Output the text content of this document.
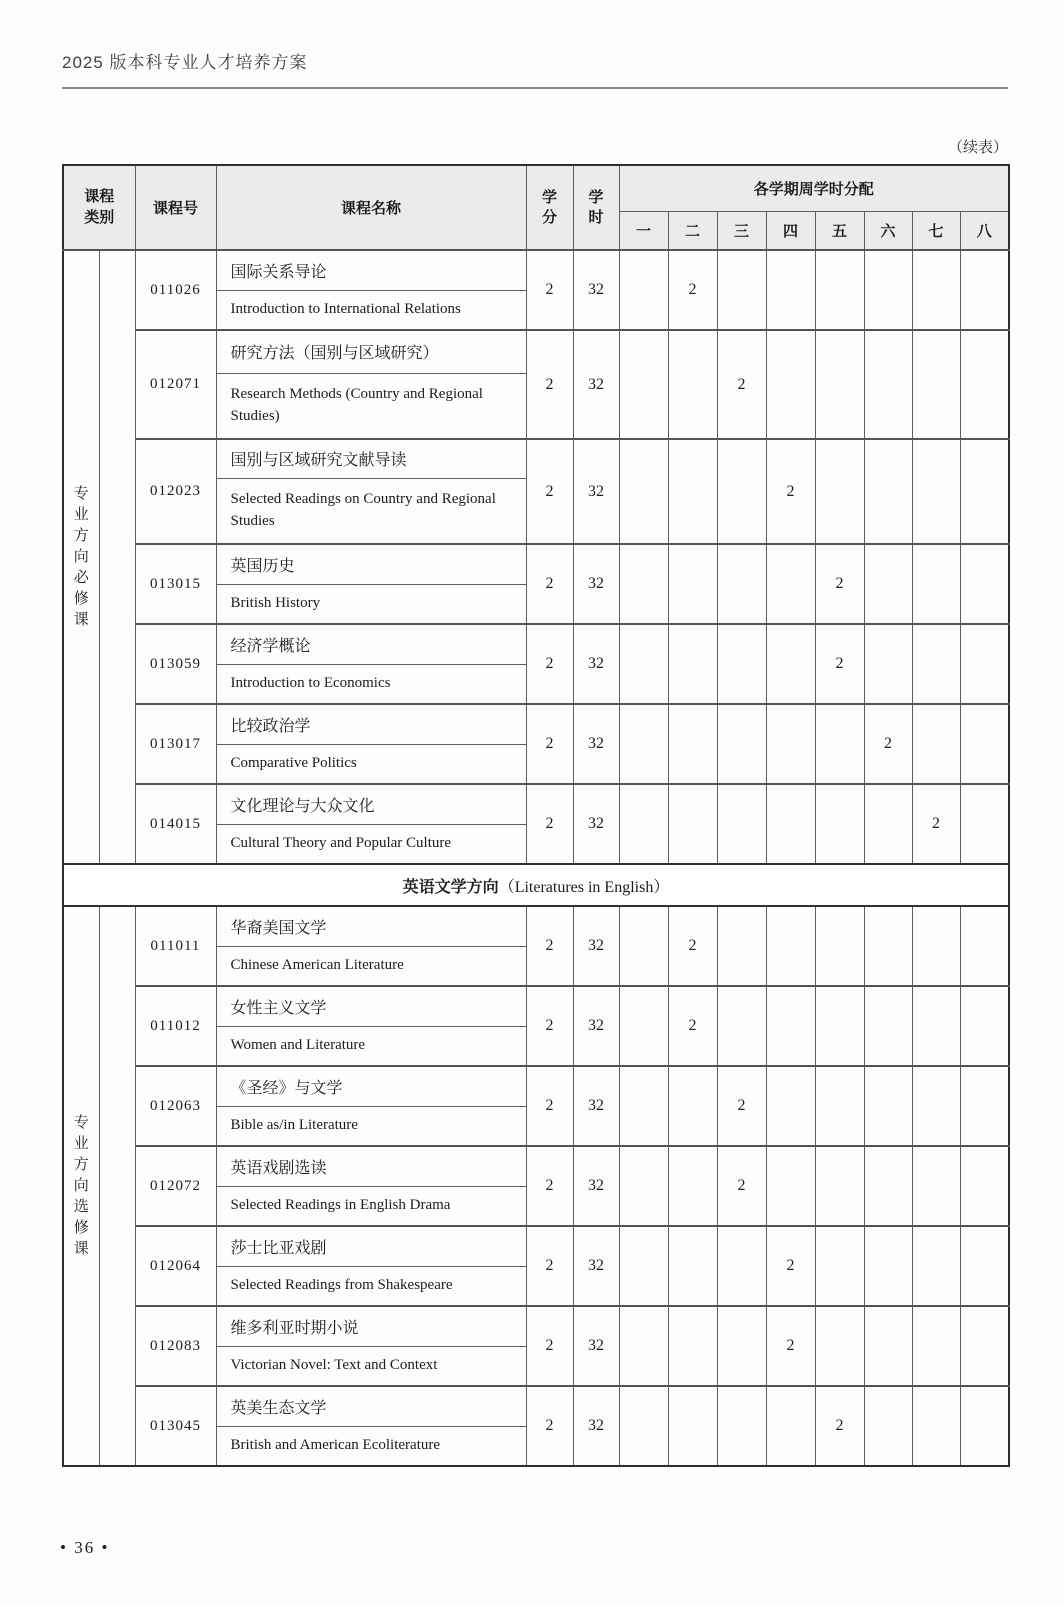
2025 版本科专业人才培养方案
（续表）
课程类别		课程号	课程名称	学分	学时	各学期周学时分配							
						一	二	三	四	五	六	七	八

专业方向必修课		011026	国际关系导论	2	32		2						
			Introduction to International Relations										
		012071	研究方法（国别与区域研究）	2	32			2					
			Research Methods (Country and Regional Studies)										
		012023	国别与区域研究文献导读	2	32				2				
			Selected Readings on Country and Regional Studies										
		013015	英国历史	2	32					2			
			British History										
		013059	经济学概论	2	32					2			
			Introduction to Economics										
		013017	比较政治学	2	32						2		
			Comparative Politics										
		014015	文化理论与大众文化	2	32							2	
			Cultural Theory and Popular Culture										
英语文学方向（Literatures in English）													

专业方向选修课		011011	华裔美国文学	2	32		2						
			Chinese American Literature										
		011012	女性主义文学	2	32		2						
			Women and Literature										
		012063	《圣经》与文学	2	32			2					
			Bible as/in Literature										
		012072	英语戏剧选读	2	32			2					
			Selected Readings in English Drama										
		012064	莎士比亚戏剧	2	32				2				
			Selected Readings from Shakespeare										
		012083	维多利亚时期小说	2	32				2				
			Victorian Novel: Text and Context										
		013045	英美生态文学	2	32					2			
			British and American Ecoliterature										
• 36 •
